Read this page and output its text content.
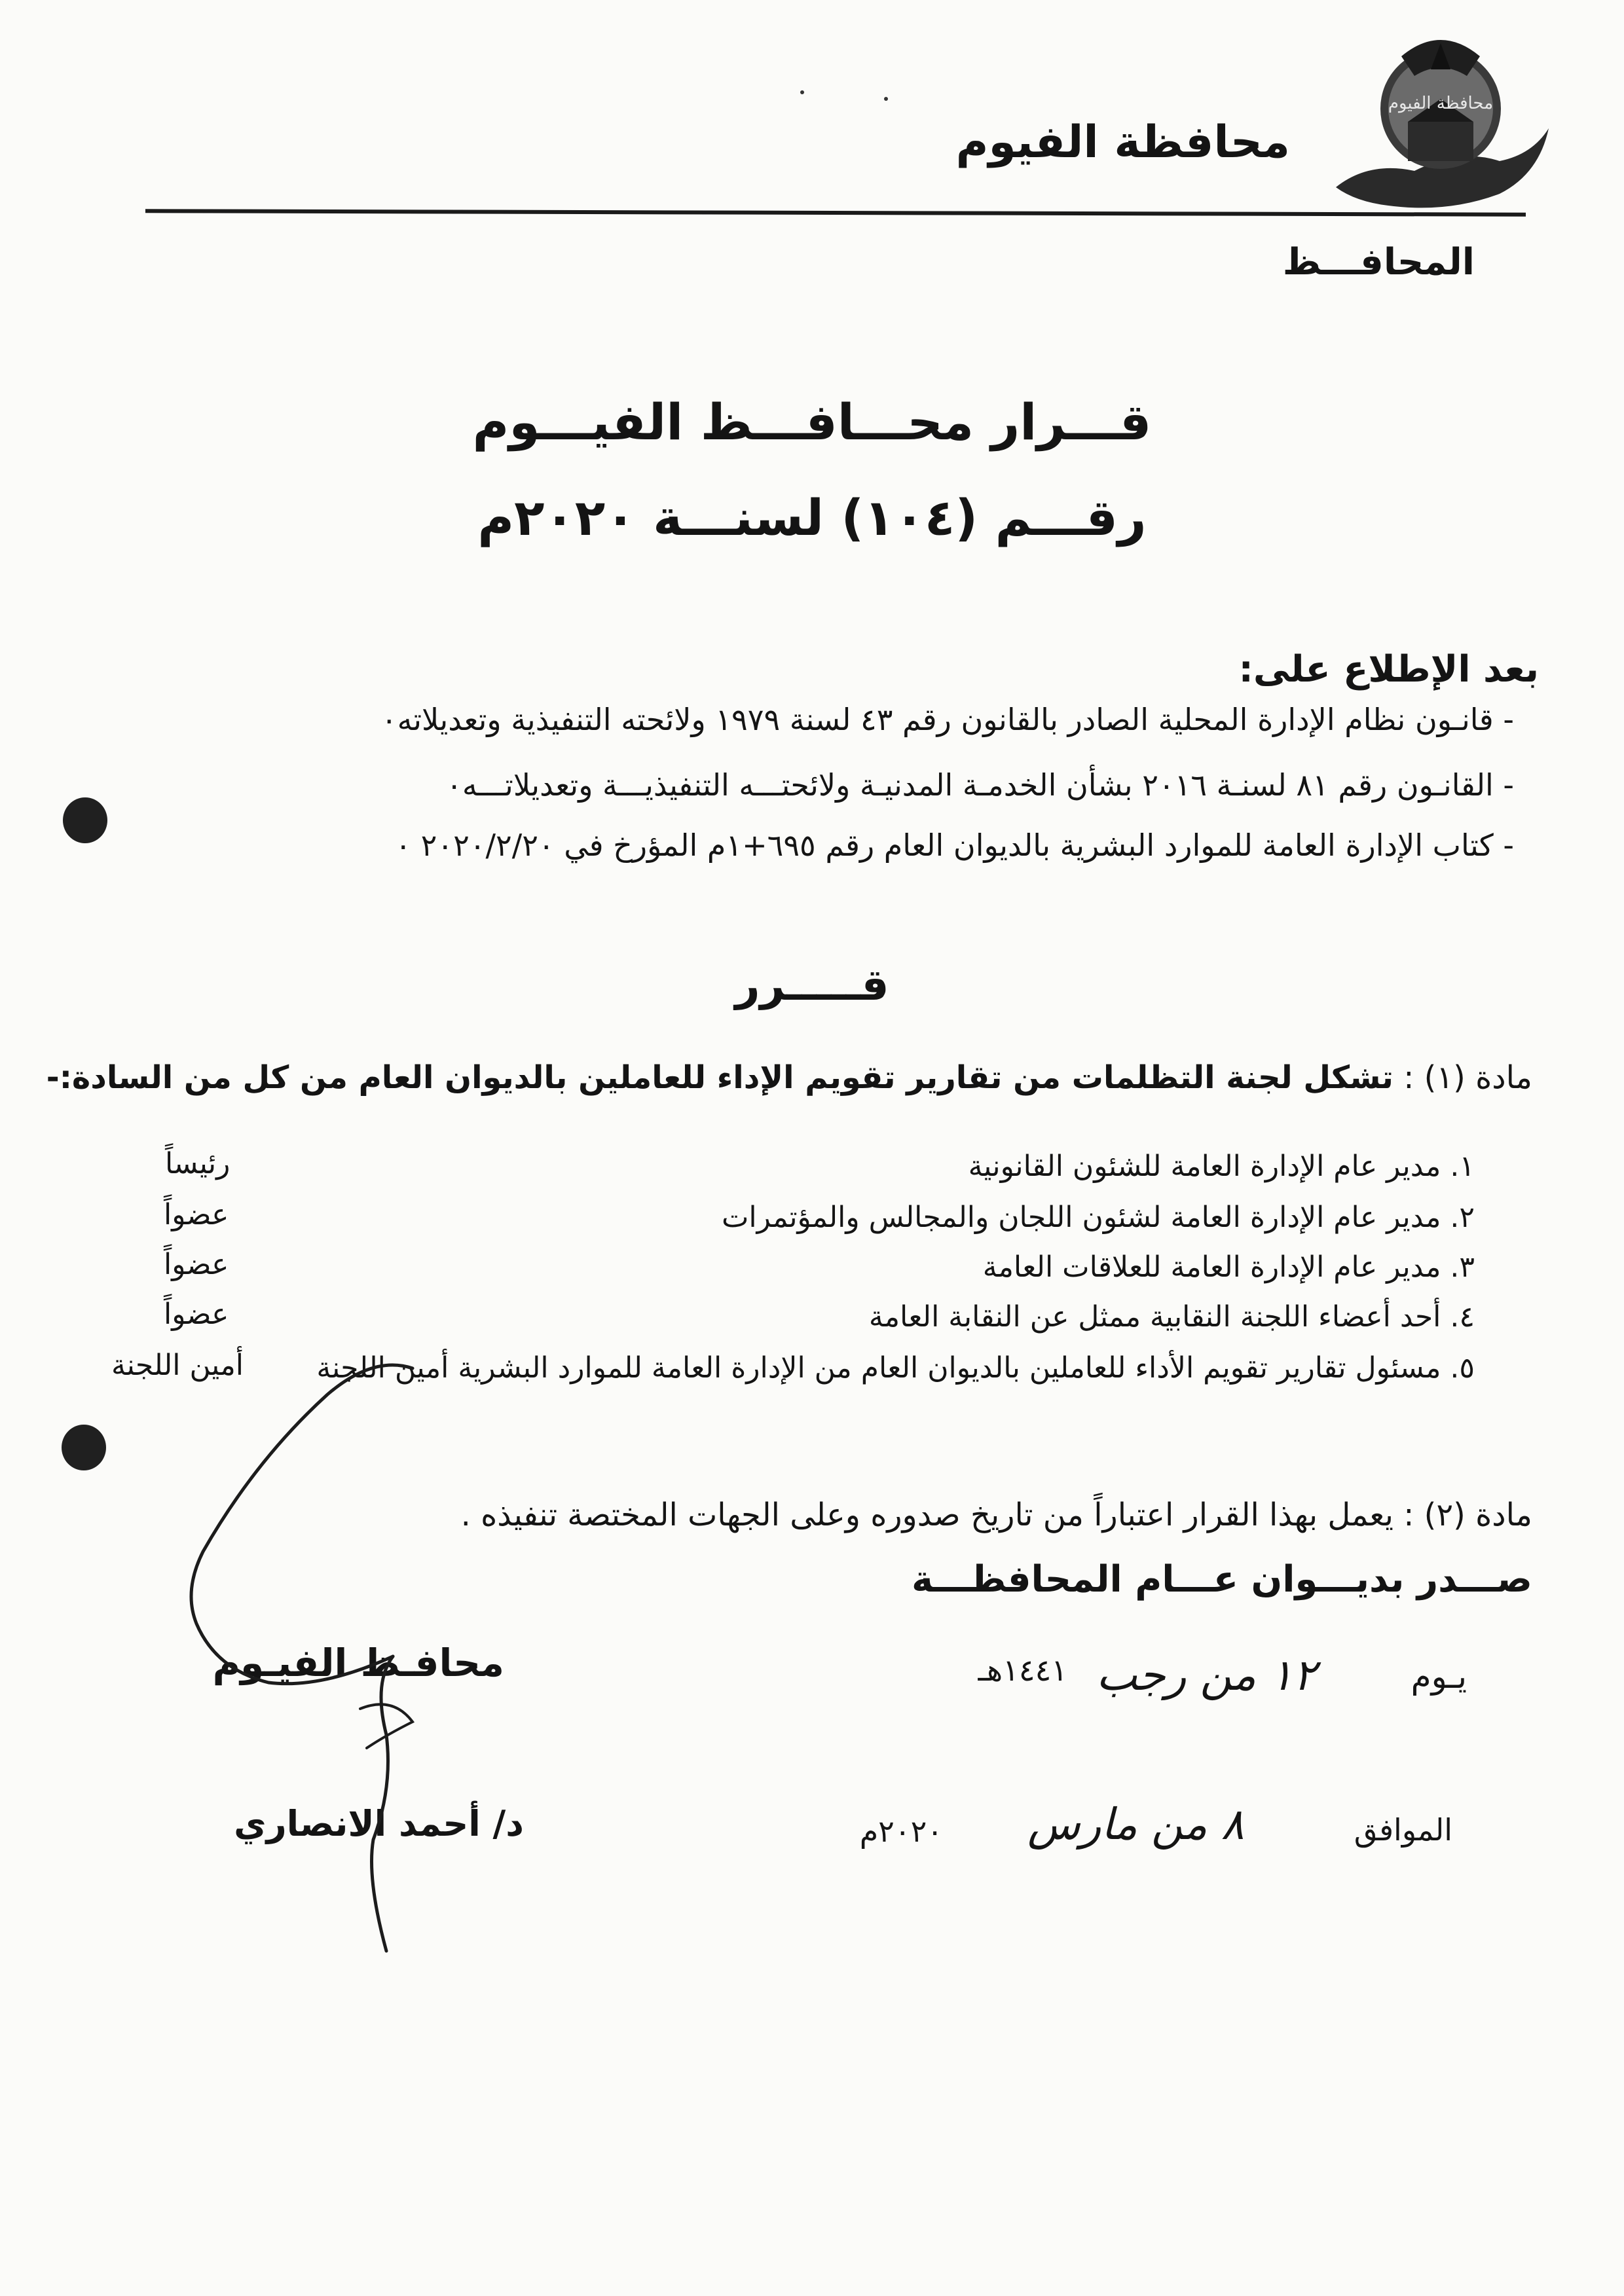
محافظة الفيوم
محافظة الفيوم
المحافـــظ
قـــرار محـــافـــظ الفيـــوم
رقـــم (١٠٤) لسنـــة ٢٠٢٠م
بعد الإطلاع على:
- قانـون نظام الإدارة المحلية الصادر بالقانون رقم ٤٣ لسنة ١٩٧٩ ولائحته التنفيذية وتعديلاته٠
- القانـون رقم ٨١ لسنـة ٢٠١٦ بشأن الخدمـة المدنيـة ولائحتـــه التنفيذيـــة وتعديلاتـــه٠
- كتاب الإدارة العامة للموارد البشرية بالديوان العام رقم ٦٩٥+١م المؤرخ في ٢٠٢٠/٢/٢٠ ٠
قـــــرر
مادة (١) : تشكل لجنة التظلمات من تقارير تقويم الإداء للعاملين بالديوان العام من كل من السادة:-
١. مدير عام الإدارة العامة للشئون القانونية
رئيساً
٢. مدير عام الإدارة العامة لشئون اللجان والمجالس والمؤتمرات
عضواً
٣. مدير عام الإدارة العامة للعلاقات العامة
عضواً
٤. أحد أعضاء اللجنة النقابية ممثل عن النقابة العامة
عضواً
٥. مسئول تقارير تقويم الأداء للعاملين بالديوان العام من الإدارة العامة للموارد البشرية أمين اللجنة
أمين اللجنة
مادة (٢) : يعمل بهذا القرار اعتباراً من تاريخ صدوره وعلى الجهات المختصة تنفيذه .
صـــدر بديـــوان عـــام المحافظـــة
يـوم
١٢ من رجب
١٤٤١هـ
الموافق
٨ من مارس
٢٠٢٠م
محافـظ الفيـوم
د/ أحمد الانصاري
